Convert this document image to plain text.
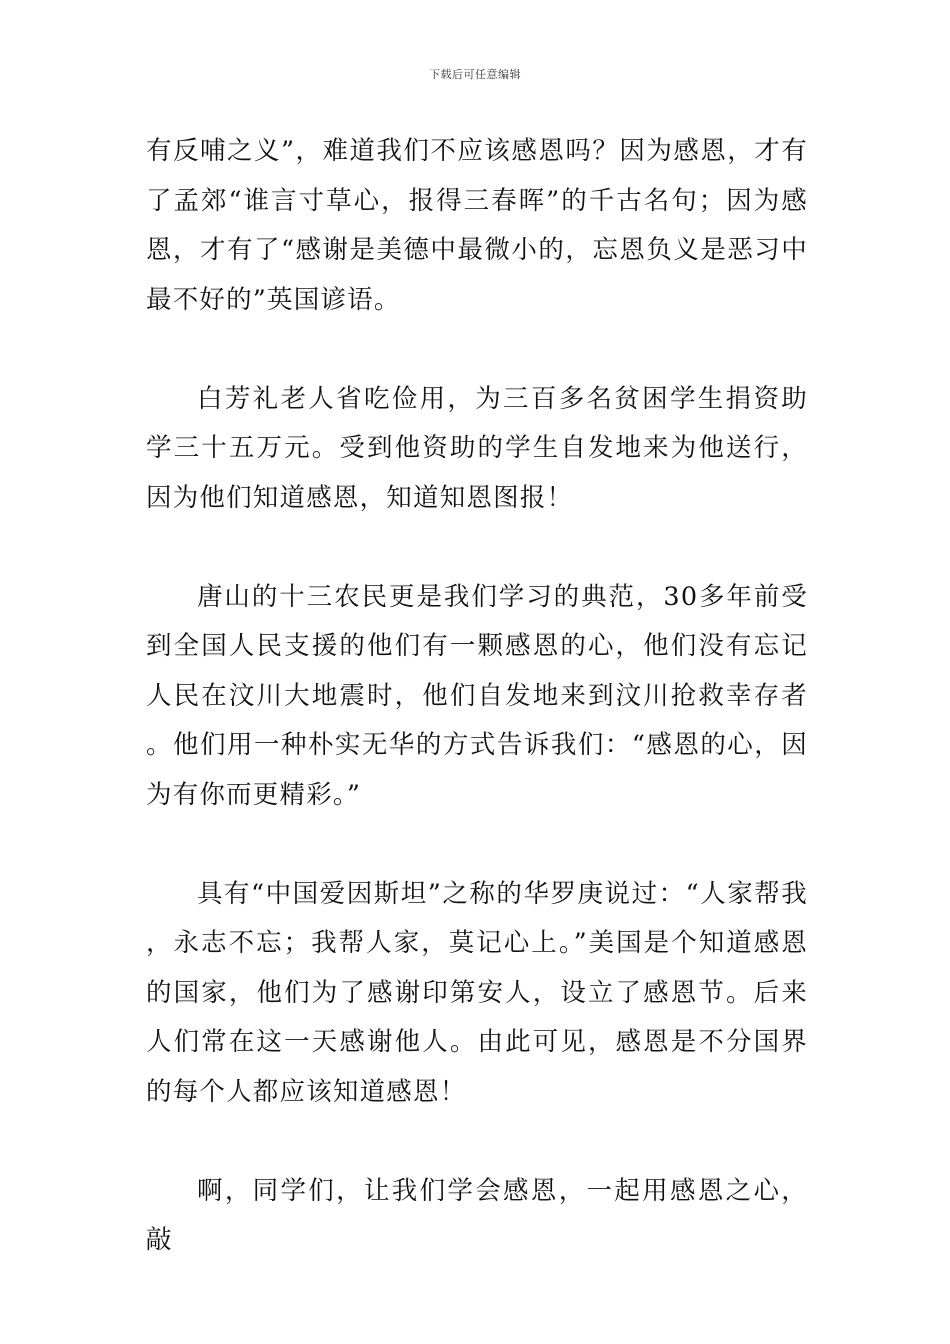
下载后可任意编辑

有反哺之义”，难道我们不应该感恩吗？因为感恩，才有了孟郊“谁言寸草心，报得三春晖”的千古名句；因为感恩，才有了“感谢是美德中最微小的，忘恩负义是恶习中最不好的”英国谚语。

白芳礼老人省吃俭用，为三百多名贫困学生捐资助学三十五万元。受到他资助的学生自发地来为他送行，因为他们知道感恩，知道知恩图报！

唐山的十三农民更是我们学习的典范，30多年前受到全国人民支援的他们有一颗感恩的心，他们没有忘记人民在汶川大地震时，他们自发地来到汶川抢救幸存者。他们用一种朴实无华的方式告诉我们：“感恩的心，因为有你而更精彩。”

具有“中国爱因斯坦”之称的华罗庚说过：“人家帮我，永志不忘；我帮人家，莫记心上。”美国是个知道感恩的国家，他们为了感谢印第安人，设立了感恩节。后来人们常在这一天感谢他人。由此可见，感恩是不分国界的每个人都应该知道感恩！

啊，同学们，让我们学会感恩，一起用感恩之心，敲
